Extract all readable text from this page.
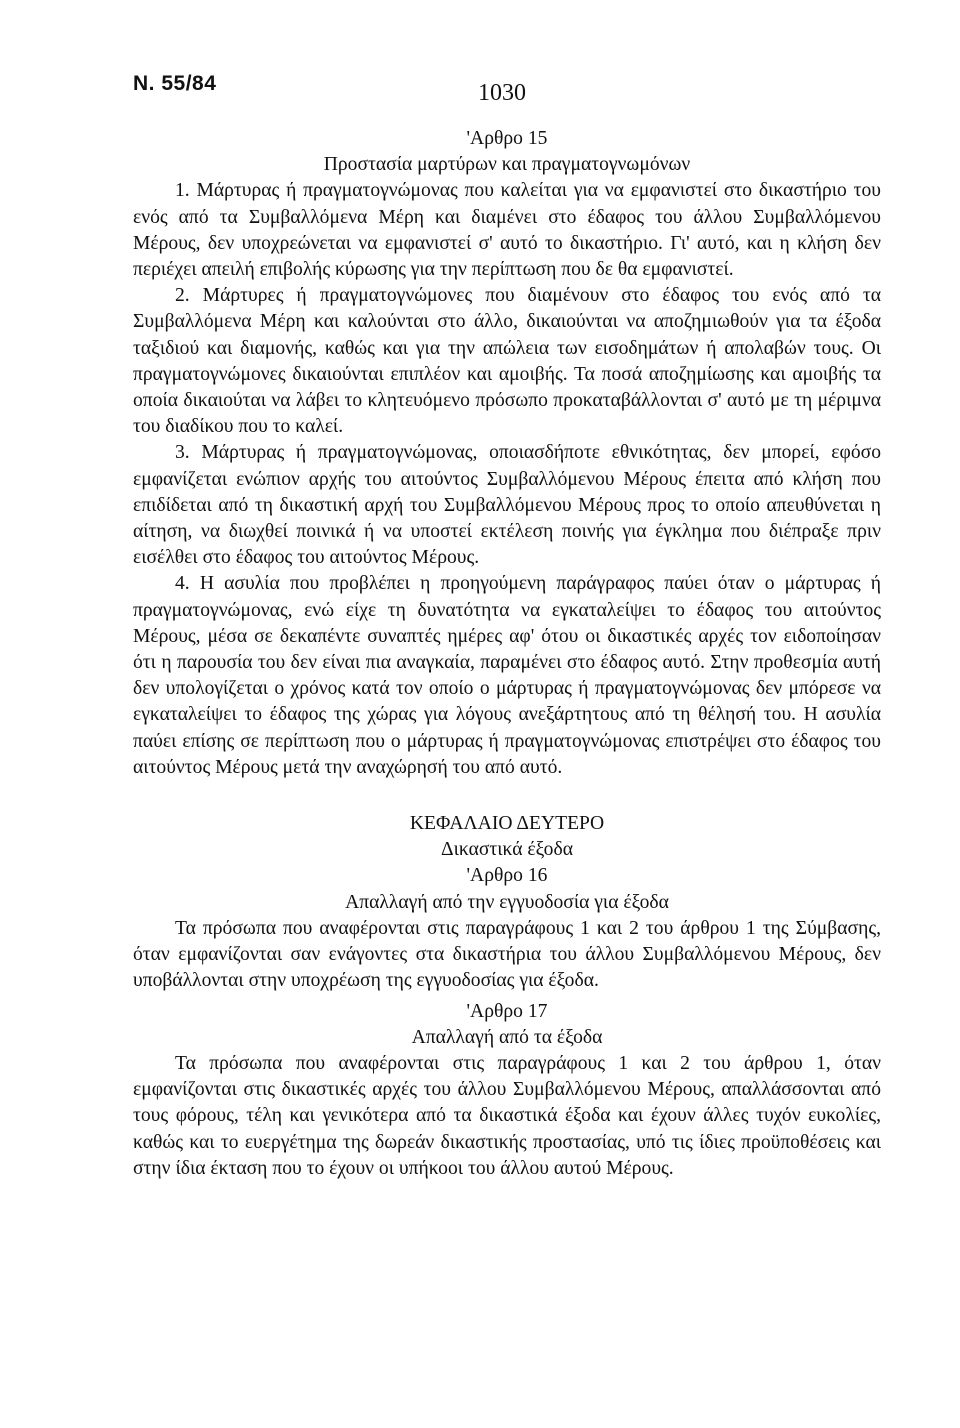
Ν. 55/84	1030
'Αρθρο 15
Προστασία μαρτύρων και πραγματογνωμόνων

1. Μάρτυρας ή πραγματογνώμονας που καλείται για να εμφανιστεί στο δικαστήριο του ενός από τα Συμβαλλόμενα Μέρη και διαμένει στο έδαφος του άλλου Συμβαλλόμενου Μέρους, δεν υποχρεώνεται να εμφανιστεί σ' αυτό το δικαστήριο. Γι' αυτό, και η κλήση δεν περιέχει απειλή επιβολής κύρωσης για την περίπτωση που δε θα εμφανιστεί.

2. Μάρτυρες ή πραγματογνώμονες που διαμένουν στο έδαφος του ενός από τα Συμβαλλόμενα Μέρη και καλούνται στο άλλο, δικαιούνται να αποζημιωθούν για τα έξοδα ταξιδιού και διαμονής, καθώς και για την απώλεια των εισοδημάτων ή απολαβών τους. Οι πραγματογνώμονες δικαιούνται επιπλέον και αμοιβής. Τα ποσά αποζημίωσης και αμοιβής τα οποία δικαιούται να λάβει το κλητευόμενο πρόσωπο προκαταβάλλονται σ' αυτό με τη μέριμνα του διαδίκου που το καλεί.

3. Μάρτυρας ή πραγματογνώμονας, οποιασδήποτε εθνικότητας, δεν μπορεί, εφόσο εμφανίζεται ενώπιον αρχής του αιτούντος Συμβαλλόμενου Μέρους έπειτα από κλήση που επιδίδεται από τη δικαστική αρχή του Συμβαλλόμενου Μέρους προς το οποίο απευθύνεται η αίτηση, να διωχθεί ποινικά ή να υποστεί εκτέλεση ποινής για έγκλημα που διέπραξε πριν εισέλθει στο έδαφος του αιτούντος Μέρους.

4. Η ασυλία που προβλέπει η προηγούμενη παράγραφος παύει όταν ο μάρτυρας ή πραγματογνώμονας, ενώ είχε τη δυνατότητα να εγκαταλείψει το έδαφος του αιτούντος Μέρους, μέσα σε δεκαπέντε συναπτές ημέρες αφ' ότου οι δικαστικές αρχές τον ειδοποίησαν ότι η παρουσία του δεν είναι πια αναγκαία, παραμένει στο έδαφος αυτό. Στην προθεσμία αυτή δεν υπολογίζεται ο χρόνος κατά τον οποίο ο μάρτυρας ή πραγματογνώμονας δεν μπόρεσε να εγκαταλείψει το έδαφος της χώρας για λόγους ανεξάρτητους από τη θέλησή του. Η ασυλία παύει επίσης σε περίπτωση που ο μάρτυρας ή πραγματογνώμονας επιστρέψει στο έδαφος του αιτούντος Μέρους μετά την αναχώρησή του από αυτό.

ΚΕΦΑΛΑΙΟ ΔΕΥΤΕΡΟ
Δικαστικά έξοδα
'Αρθρο 16
Απαλλαγή από την εγγυοδοσία για έξοδα

Τα πρόσωπα που αναφέρονται στις παραγράφους 1 και 2 του άρθρου 1 της Σύμβασης, όταν εμφανίζονται σαν ενάγοντες στα δικαστήρια του άλλου Συμβαλλόμενου Μέρους, δεν υποβάλλονται στην υποχρέωση της εγγυοδοσίας για έξοδα.

'Αρθρο 17
Απαλλαγή από τα έξοδα

Τα πρόσωπα που αναφέρονται στις παραγράφους 1 και 2 του άρθρου 1, όταν εμφανίζονται στις δικαστικές αρχές του άλλου Συμβαλλόμενου Μέρους, απαλλάσσονται από τους φόρους, τέλη και γενικότερα από τα δικαστικά έξοδα και έχουν άλλες τυχόν ευκολίες, καθώς και το ευεργέτημα της δωρεάν δικαστικής προστασίας, υπό τις ίδιες προϋποθέσεις και στην ίδια έκταση που το έχουν οι υπήκοοι του άλλου αυτού Μέρους.
